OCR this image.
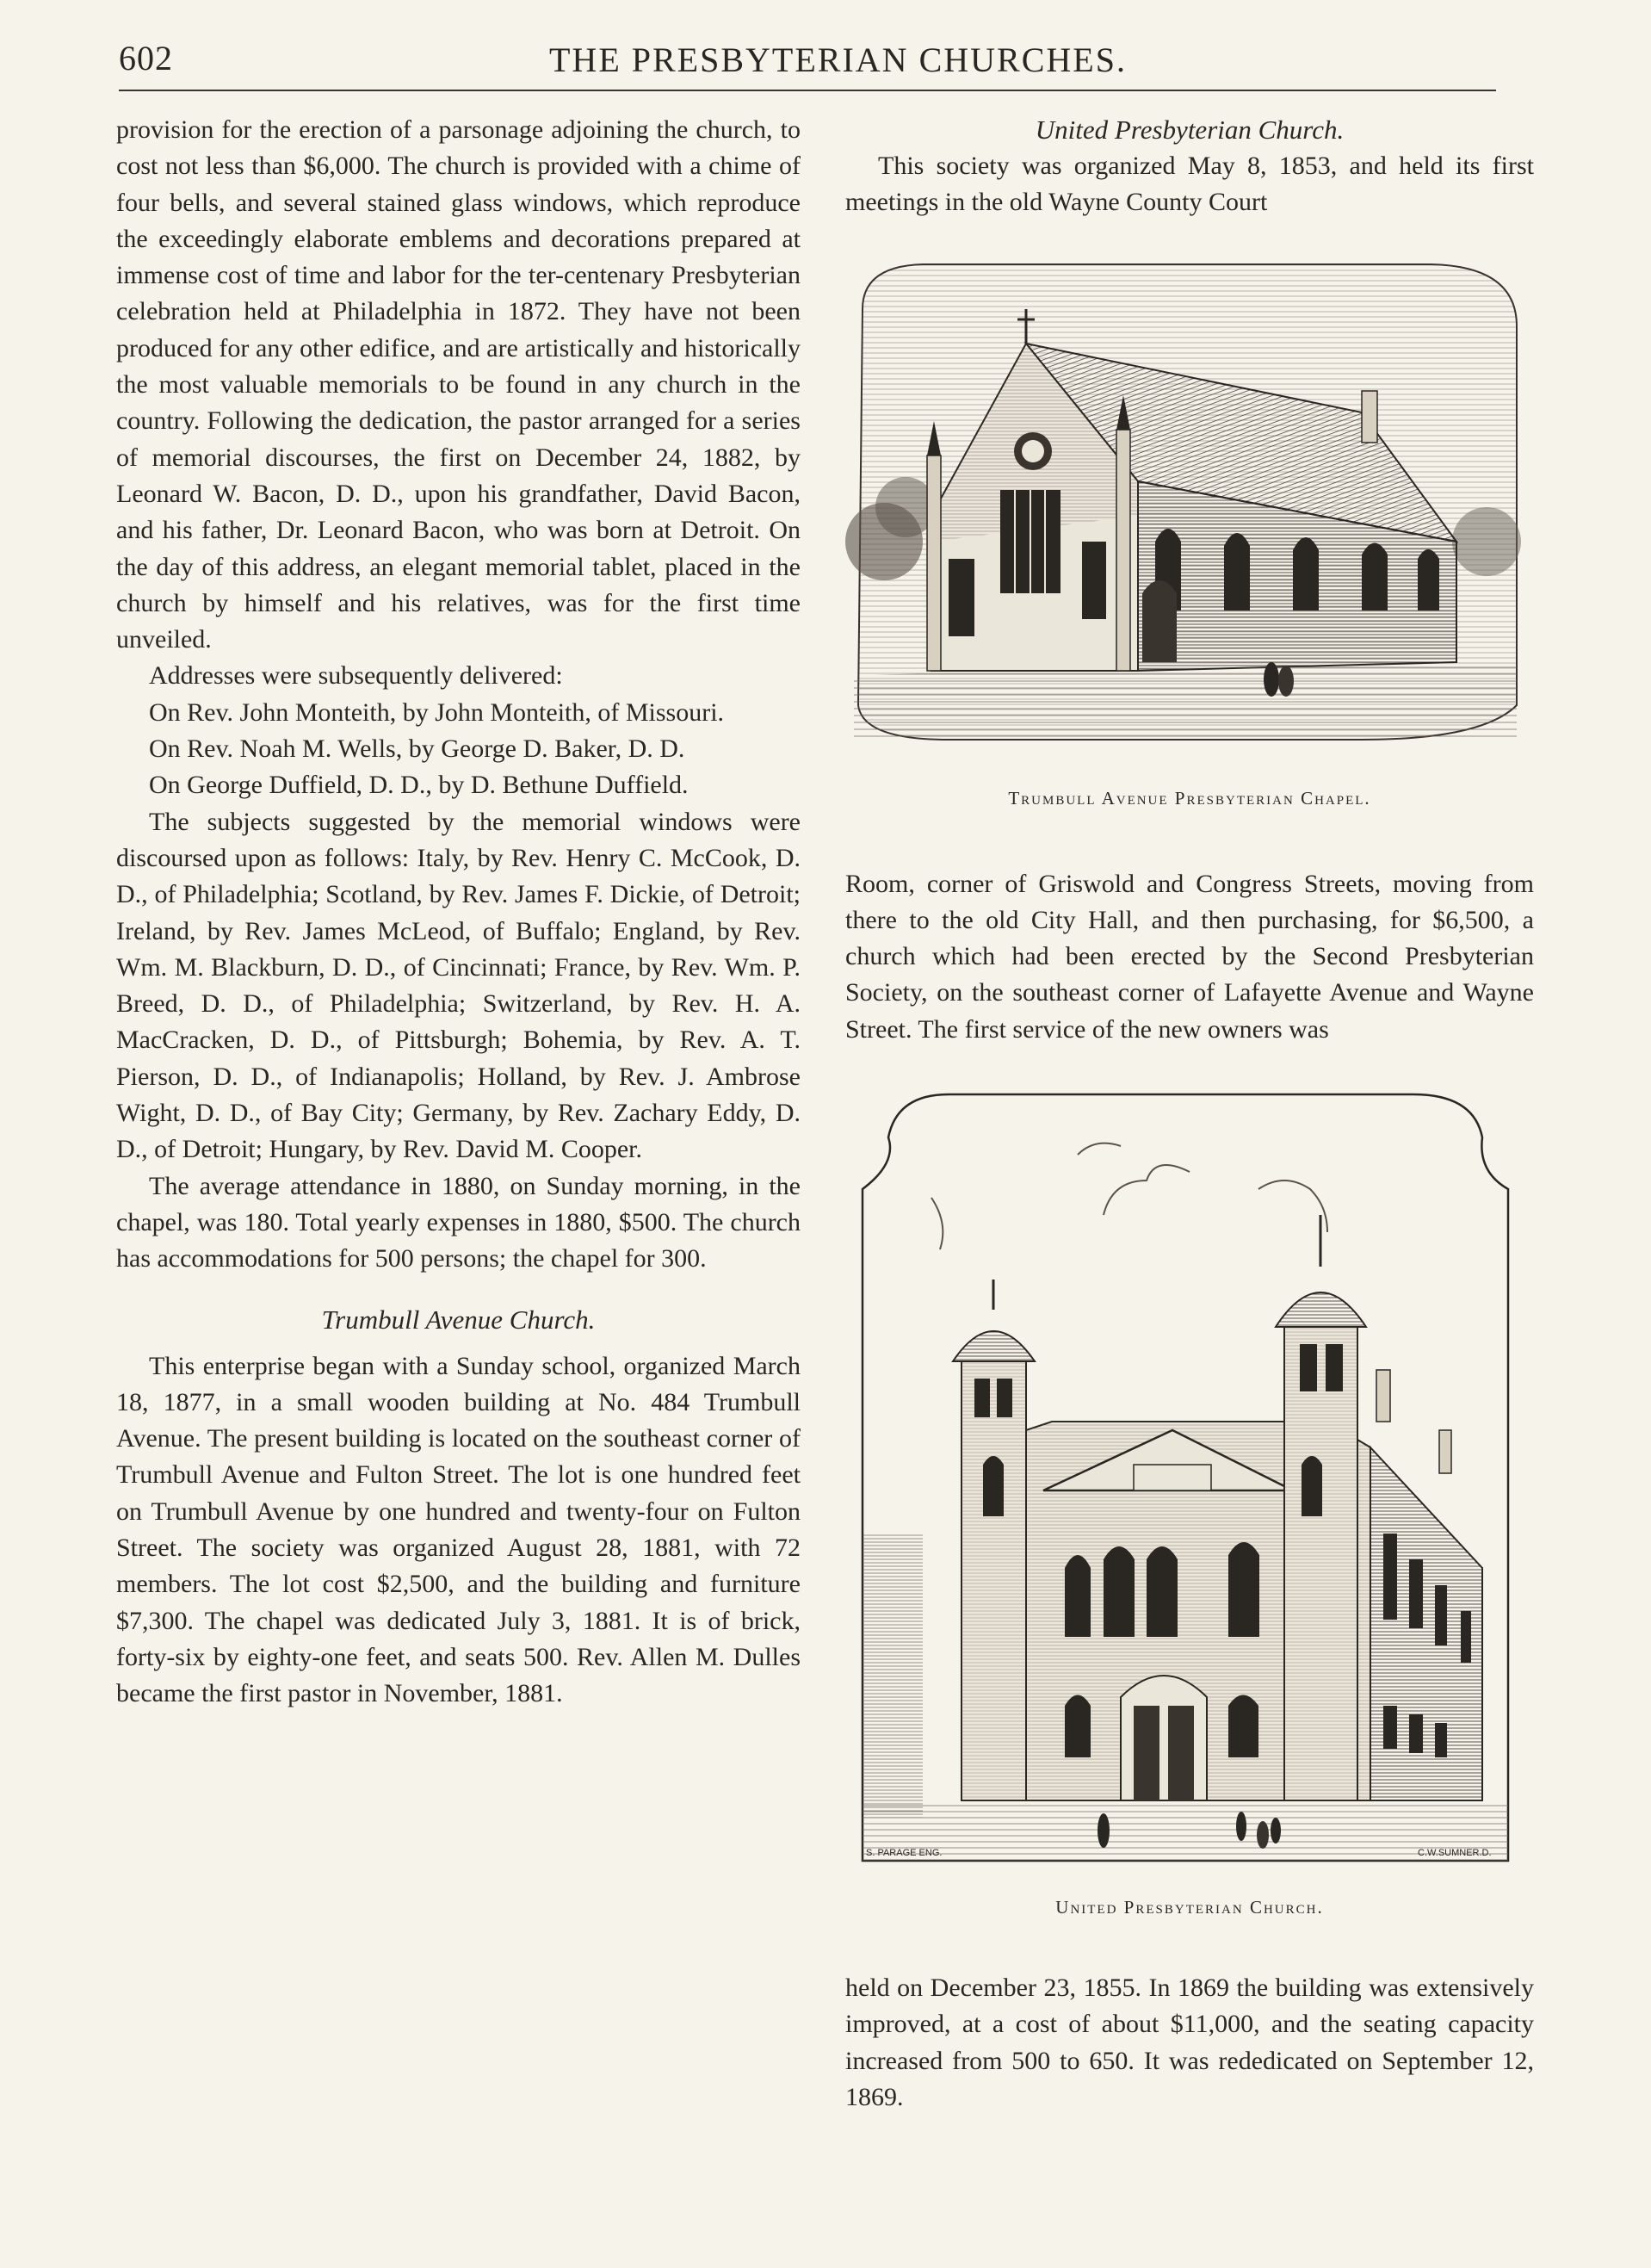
602	THE PRESBYTERIAN CHURCHES.

provision for the erection of a parsonage adjoining the church, to cost not less than $6,000. The church is provided with a chime of four bells, and several stained glass windows, which reproduce the exceedingly elaborate emblems and decorations prepared at immense cost of time and labor for the ter-centenary Presbyterian celebration held at Philadelphia in 1872. They have not been produced for any other edifice, and are artistically and historically the most valuable memorials to be found in any church in the country. Following the dedication, the pastor arranged for a series of memorial discourses, the first on December 24, 1882, by Leonard W. Bacon, D. D., upon his grandfather, David Bacon, and his father, Dr. Leonard Bacon, who was born at Detroit. On the day of this address, an elegant memorial tablet, placed in the church by himself and his relatives, was for the first time unveiled.

Addresses were subsequently delivered:

On Rev. John Monteith, by John Monteith, of Missouri.

On Rev. Noah M. Wells, by George D. Baker, D. D.

On George Duffield, D. D., by D. Bethune Duffield.

The subjects suggested by the memorial windows were discoursed upon as follows: Italy, by Rev. Henry C. McCook, D. D., of Philadelphia; Scotland, by Rev. James F. Dickie, of Detroit; Ireland, by Rev. James McLeod, of Buffalo; England, by Rev. Wm. M. Blackburn, D. D., of Cincinnati; France, by Rev. Wm. P. Breed, D. D., of Philadelphia; Switzerland, by Rev. H. A. MacCracken, D. D., of Pittsburgh; Bohemia, by Rev. A. T. Pierson, D. D., of Indianapolis; Holland, by Rev. J. Ambrose Wight, D. D., of Bay City; Germany, by Rev. Zachary Eddy, D. D., of Detroit; Hungary, by Rev. David M. Cooper.

The average attendance in 1880, on Sunday morning, in the chapel, was 180. Total yearly expenses in 1880, $500. The church has accommodations for 500 persons; the chapel for 300.

Trumbull Avenue Church.

This enterprise began with a Sunday school, organized March 18, 1877, in a small wooden building at No. 484 Trumbull Avenue. The present building is located on the southeast corner of Trumbull Avenue and Fulton Street. The lot is one hundred feet on Trumbull Avenue by one hundred and twenty-four on Fulton Street. The society was organized August 28, 1881, with 72 members. The lot cost $2,500, and the building and furniture $7,300. The chapel was dedicated July 3, 1881. It is of brick, forty-six by eighty-one feet, and seats 500. Rev. Allen M. Dulles became the first pastor in November, 1881.

United Presbyterian Church.

This society was organized May 8, 1853, and held its first meetings in the old Wayne County Court

Trumbull Avenue Presbyterian Chapel.

Room, corner of Griswold and Congress Streets, moving from there to the old City Hall, and then purchasing, for $6,500, a church which had been erected by the Second Presbyterian Society, on the southeast corner of Lafayette Avenue and Wayne Street. The first service of the new owners was

S. PARAGE ENG.	C.W.SUMNER.D.

United Presbyterian Church.

held on December 23, 1855. In 1869 the building was extensively improved, at a cost of about $11,000, and the seating capacity increased from 500 to 650. It was rededicated on September 12, 1869.
